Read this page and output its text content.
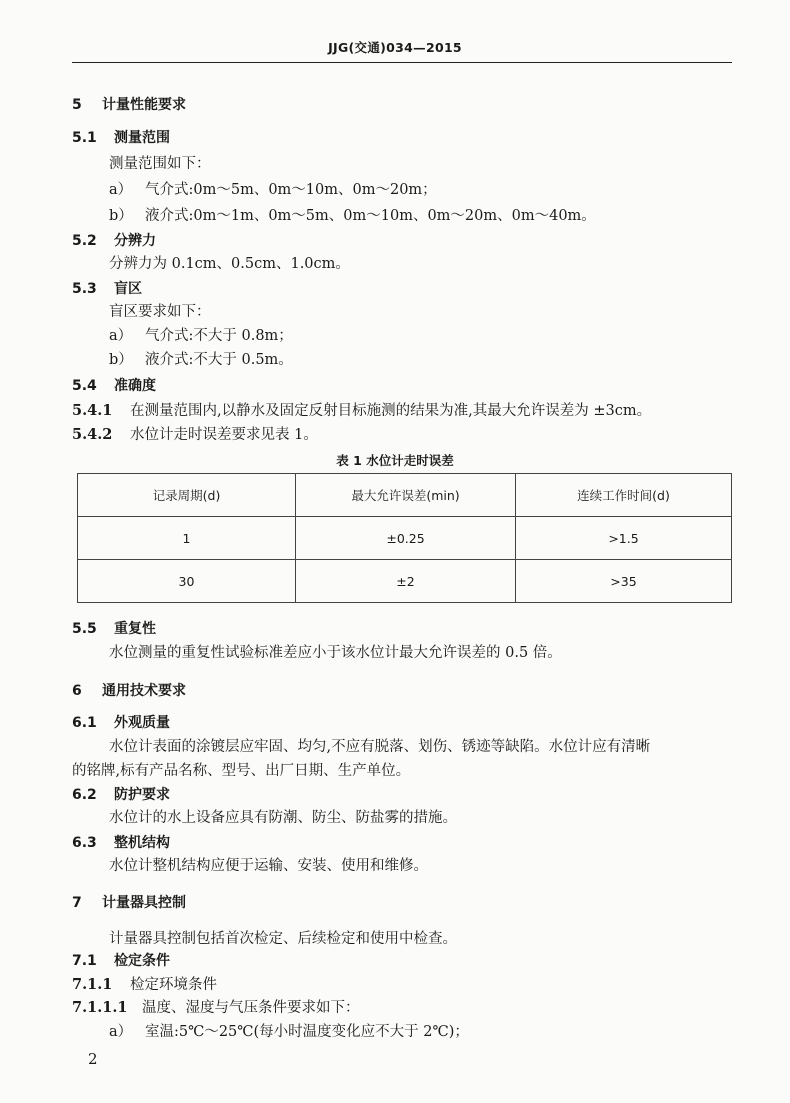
JJG(交通)034—2015
5 计量性能要求
5.1 测量范围
测量范围如下：
a） 气介式:0m～5m、0m～10m、0m～20m；
b） 液介式:0m～1m、0m～5m、0m～10m、0m～20m、0m～40m。
5.2 分辨力
分辨力为 0.1cm、0.5cm、1.0cm。
5.3 盲区
盲区要求如下：
a） 气介式:不大于 0.8m；
b） 液介式:不大于 0.5m。
5.4 准确度
5.4.1 在测量范围内,以静水及固定反射目标施测的结果为准,其最大允许误差为 ±3cm。
5.4.2 水位计走时误差要求见表 1。
表 1 水位计走时误差
记录周期(d)	最大允许误差(min)	连续工作时间(d)
1	±0.25	>1.5
30	±2	>35
5.5 重复性
水位测量的重复性试验标准差应小于该水位计最大允许误差的 0.5 倍。
6 通用技术要求
6.1 外观质量
水位计表面的涂镀层应牢固、均匀,不应有脱落、划伤、锈迹等缺陷。水位计应有清晰
的铭牌,标有产品名称、型号、出厂日期、生产单位。
6.2 防护要求
水位计的水上设备应具有防潮、防尘、防盐雾的措施。
6.3 整机结构
水位计整机结构应便于运输、安装、使用和维修。
7 计量器具控制
计量器具控制包括首次检定、后续检定和使用中检查。
7.1 检定条件
7.1.1 检定环境条件
7.1.1.1 温度、湿度与气压条件要求如下：
a） 室温:5℃～25℃(每小时温度变化应不大于 2℃)；
2
